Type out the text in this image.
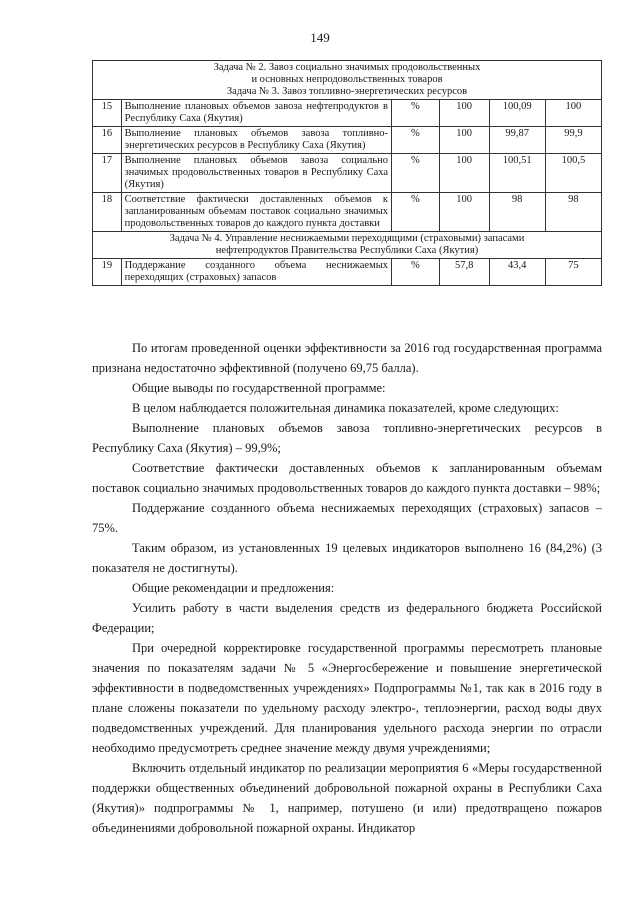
149
Задача № 2. Завоз социально значимых продовольственных
и основных непродовольственных товаров
Задача № 3. Завоз топливно-энергетических ресурсов					

15	Выполнение плановых объемов завоза нефтепродуктов в Республику Саха (Якутия)	%	100	100,09	100
16	Выполнение плановых объемов завоза топливно-энергетических ресурсов в Республику Саха (Якутия)	%	100	99,87	99,9
17	Выполнение плановых объемов завоза социально значимых продовольственных товаров в Республику Саха (Якутия)	%	100	100,51	100,5
18	Соответствие фактически доставленных объемов к запланированным объемам поставок социально значимых продовольственных товаров до каждого пункта доставки	%	100	98	98

Задача № 4. Управление неснижаемыми переходящими (страховыми) запасами
нефтепродуктов Правительства Республики Саха (Якутия)					

19	Поддержание созданного объема неснижаемых переходящих (страховых) запасов	%	57,8	43,4	75

По итогам проведенной оценки эффективности за 2016 год государственная программа признана недостаточно эффективной (получено 69,75 балла).

Общие выводы по государственной программе:

В целом наблюдается положительная динамика показателей, кроме следующих:

Выполнение плановых объемов завоза топливно-энергетических ресурсов в Республику Саха (Якутия) – 99,9%;

Соответствие фактически доставленных объемов к запланированным объемам поставок социально значимых продовольственных товаров до каждого пункта доставки – 98%;

Поддержание созданного объема неснижаемых переходящих (страховых) запасов – 75%.

Таким образом, из установленных 19 целевых индикаторов выполнено 16 (84,2%) (3 показателя не достигнуты).

Общие рекомендации и предложения:

Усилить работу в части выделения средств из федерального бюджета Российской Федерации;

При очередной корректировке государственной программы пересмотреть плановые значения по показателям задачи № 5 «Энергосбережение и повышение энергетической эффективности в подведомственных учреждениях» Подпрограммы №1, так как в 2016 году в плане сложены показатели по удельному расходу электро-, теплоэнергии, расход воды двух подведомственных учреждений. Для планирования удельного расхода энергии по отрасли необходимо предусмотреть среднее значение между двумя учреждениями;

Включить отдельный индикатор по реализации мероприятия 6 «Меры государственной поддержки общественных объединений добровольной пожарной охраны в Республики Саха (Якутия)» подпрограммы № 1, например, потушено (и или) предотвращено пожаров объединениями добровольной пожарной охраны. Индикатор
